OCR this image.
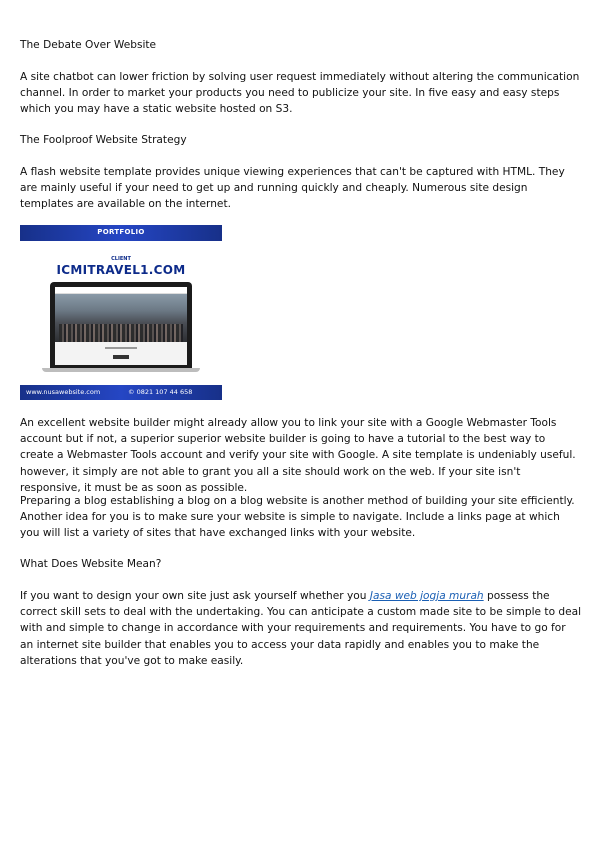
The Debate Over Website

A site chatbot can lower friction by solving user request immediately without altering the communication channel. In order to market your products you need to publicize your site. In five easy and easy steps which you may have a static website hosted on S3.

The Foolproof Website Strategy

A flash website template provides unique viewing experiences that can't be captured with HTML. They are mainly useful if your need to get up and running quickly and cheaply. Numerous site design templates are available on the internet.

PORTFOLIO
CLIENT
ICMITRAVEL1.COM
www.nusawebsite.com	© 0821 107 44 658

An excellent website builder might already allow you to link your site with a Google Webmaster Tools account but if not, a superior superior website builder is going to have a tutorial to the best way to create a Webmaster Tools account and verify your site with Google. A site template is undeniably useful. however, it simply are not able to grant you all a site should work on the web. If your site isn't responsive, it must be as soon as possible.

Preparing a blog establishing a blog on a blog website is another method of building your site efficiently. Another idea for you is to make sure your website is simple to navigate. Include a links page at which you will list a variety of sites that have exchanged links with your website.

What Does Website Mean?

If you want to design your own site just ask yourself whether you Jasa web jogja murah possess the correct skill sets to deal with the undertaking. You can anticipate a custom made site to be simple to deal with and simple to change in accordance with your requirements and requirements. You have to go for an internet site builder that enables you to access your data rapidly and enables you to make the alterations that you've got to make easily.
